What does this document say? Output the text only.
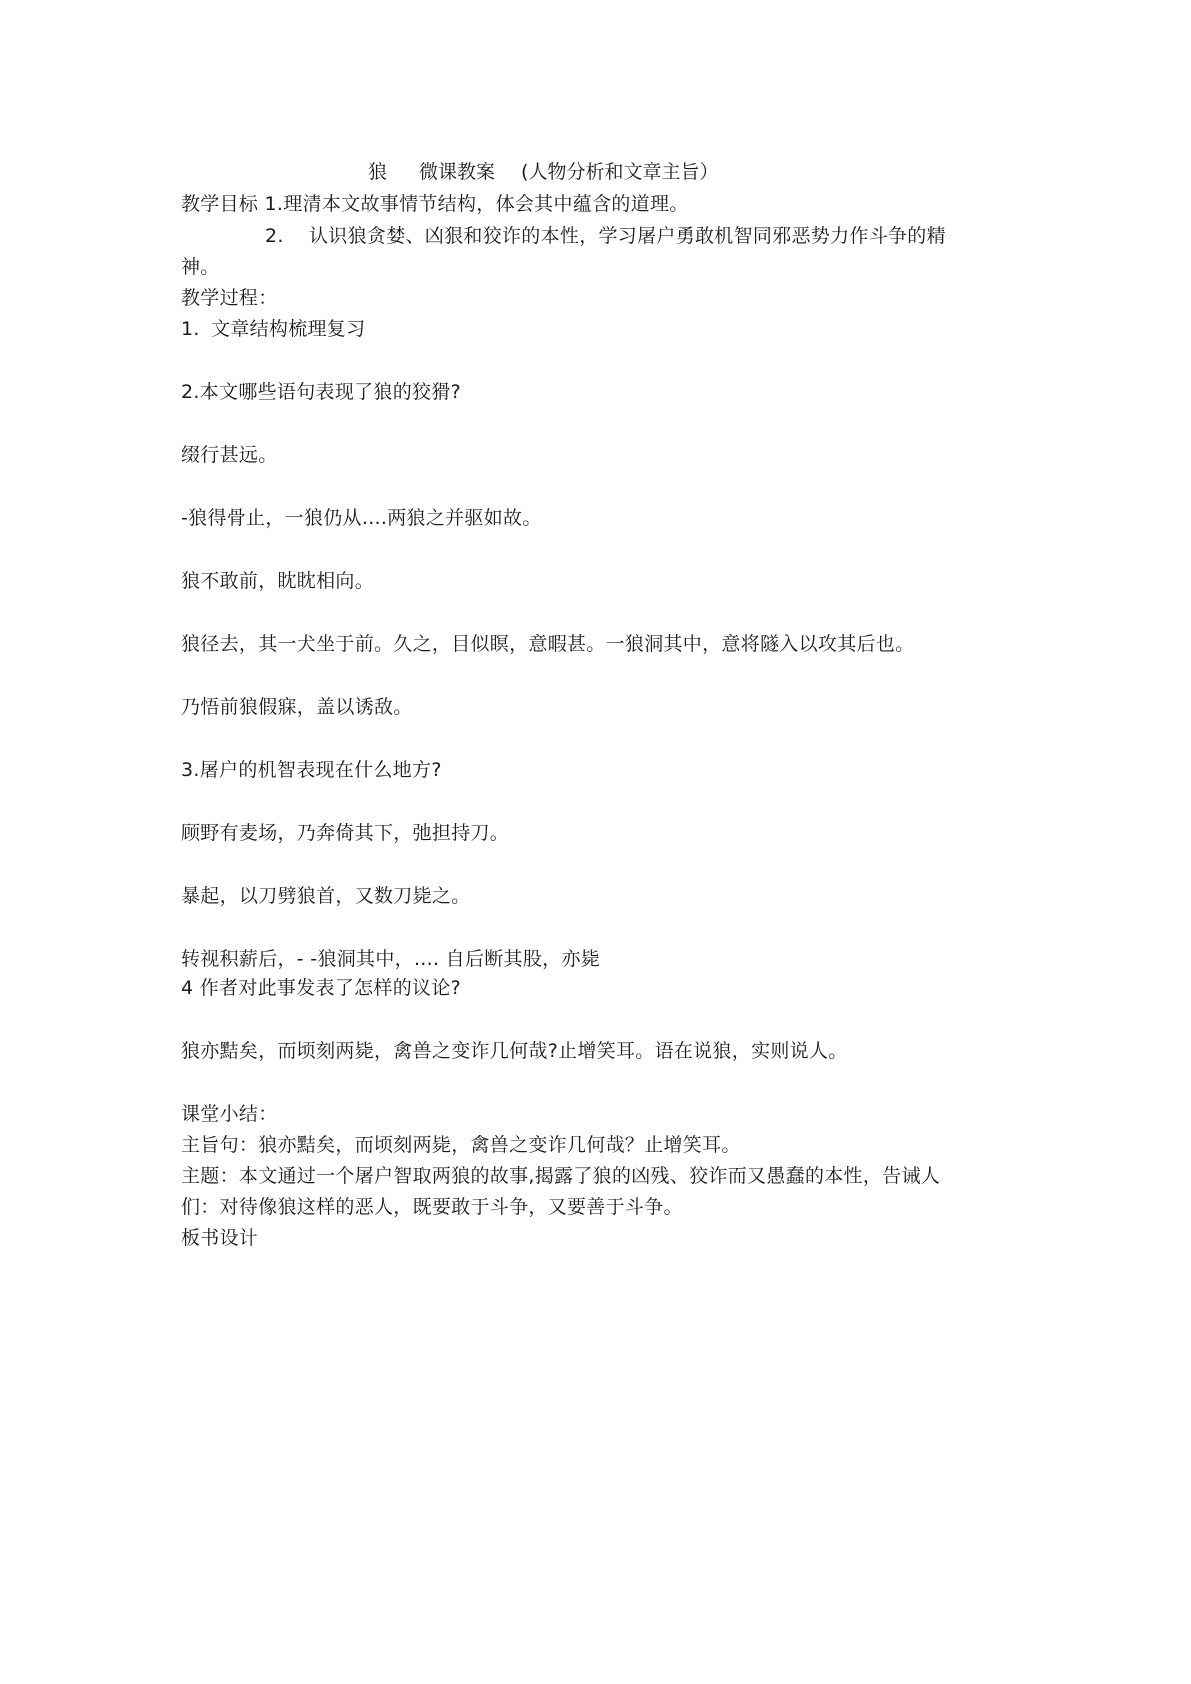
狼 微课教案 (人物分析和文章主旨）
教学目标 1.理清本文故事情节结构，体会其中蕴含的道理。
2. 认识狼贪婪、凶狠和狡诈的本性，学习屠户勇敢机智同邪恶势力作斗争的精
神。
教学过程：
1. 文章结构梳理复习
2.本文哪些语句表现了狼的狡猾?
缀行甚远。
-狼得骨止，一狼仍从....两狼之并驱如故。
狼不敢前，眈眈相向。
狼径去，其一犬坐于前。久之，目似瞑，意暇甚。一狼洞其中，意将隧入以攻其后也。
乃悟前狼假寐，盖以诱敌。
3.屠户的机智表现在什么地方?
顾野有麦场，乃奔倚其下，弛担持刀。
暴起，以刀劈狼首，又数刀毙之。
转视积薪后，- -狼洞其中，.... 自后断其股，亦毙
4 作者对此事发表了怎样的议论?
狼亦黠矣，而顷刻两毙，禽兽之变诈几何哉?止增笑耳。语在说狼，实则说人。
课堂小结：
主旨句：狼亦黠矣，而顷刻两毙，禽兽之变诈几何哉？止增笑耳。
主题：本文通过一个屠户智取两狼的故事,揭露了狼的凶残、狡诈而又愚蠢的本性，告诫人
们：对待像狼这样的恶人，既要敢于斗争，又要善于斗争。
板书设计
